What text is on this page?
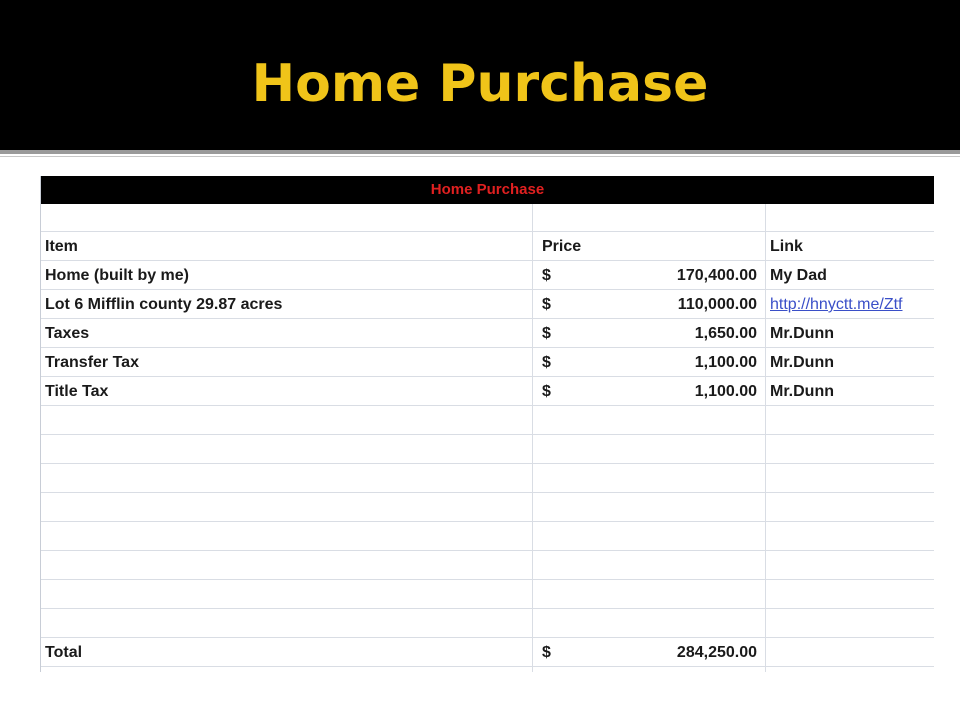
Home Purchase
Home Purchase
Item	Price	Link
Home (built by me)	$	170,400.00 My Dad
Lot 6 Mifflin county 29.87 acres	$	110,000.00 http://hnyctt.me/Ztf
Taxes	$	1,650.00 Mr.Dunn
Transfer Tax	$	1,100.00 Mr.Dunn
Title Tax	$	1,100.00 Mr.Dunn
Total	$	284,250.00
